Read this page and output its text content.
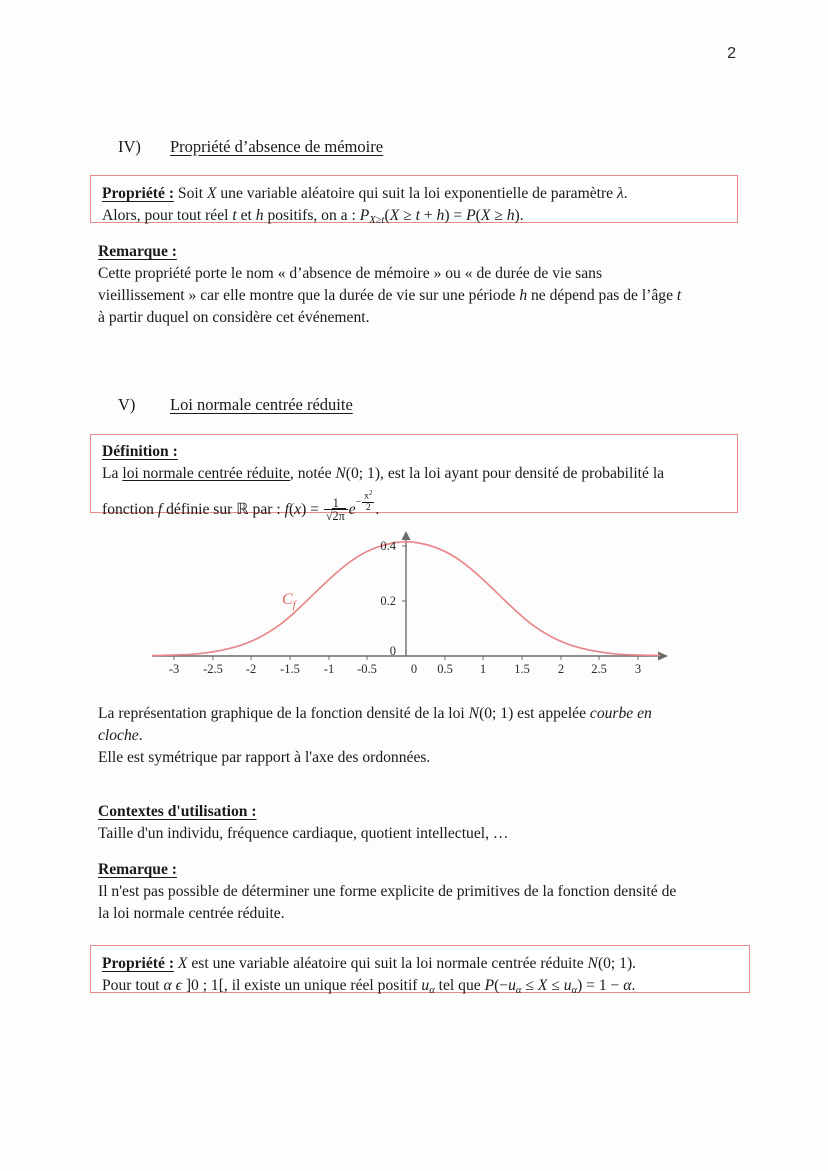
2
IV) Propriété d’absence de mémoire
Propriété : Soit X une variable aléatoire qui suit la loi exponentielle de paramètre λ.
Alors, pour tout réel t et h positifs, on a : $P_{X\ge t}(X \ge t + h) = P(X \ge h)$.
Remarque :
Cette propriété porte le nom « d’absence de mémoire » ou « de durée de vie sans
vieillissement » car elle montre que la durée de vie sur une période h ne dépend pas de l’âge t
à partir duquel on considère cet événement.
V) Loi normale centrée réduite
Définition :
La loi normale centrée réduite, notée N(0; 1), est la loi ayant pour densité de probabilité la
fonction f définie sur ℝ par : $f(x) = \frac{1}{√2\pi} e- \frac{x^2}{2}$ .
$C_f$
-3 -2.5 -2 -1.5 -1 -0.5	0 0.5 1 1.5 2 2.5 3
0.4
0.2
0
La représentation graphique de la fonction densité de la loi N(0; 1) est appelée courbe en
cloche.
Elle est symétrique par rapport à l'axe des ordonnées.
Contextes d'utilisation :
Taille d'un individu, fréquence cardiaque, quotient intellectuel, …
Remarque :
Il n'est pas possible de déterminer une forme explicite de primitives de la fonction densité de
la loi normale centrée réduite.
Propriété : X est une variable aléatoire qui suit la loi normale centrée réduite N(0; 1).
Pour tout α ϵ ]0 ; 1[, il existe un unique réel positif $u_\alpha$ tel que $P(-u_\alpha \le X \le u_\alpha) = 1 - \alpha$.
